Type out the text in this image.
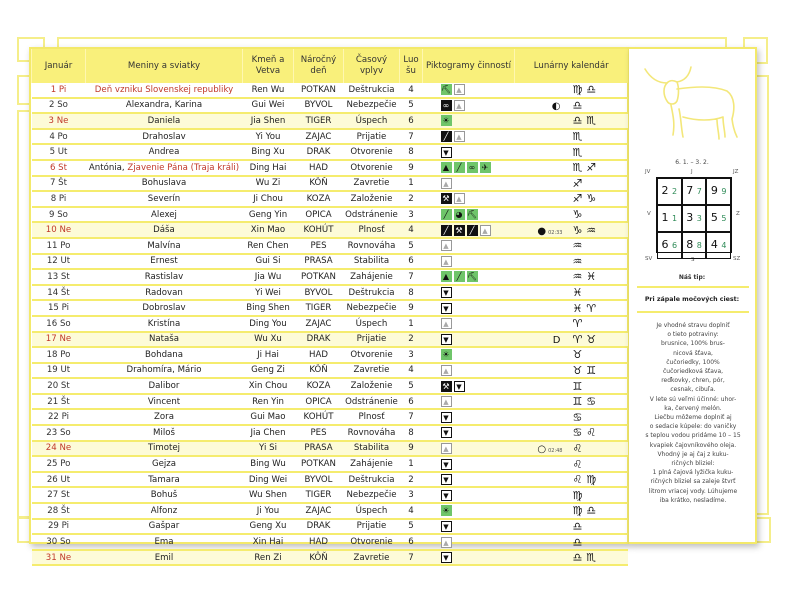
Január	Meniny a sviatky	Kmeň a Vetva	Náročný deň	Časový vplyv	Luo šu	Piktogramy činností	Lunárny kalendár
1 Pi	Deň vzniku Slovenskej republiky	Ren Wu	POTKAN	Deštrukcia	4	⛏ ▲	♍ ♎
2 So	Alexandra, Karina	Gui Wei	BYVOL	Nebezpečie	5	∞ ▲	◐ ♎
3 Ne	Daniela	Jia Shen	TIGER	Úspech	6	☀	♎ ♏
4 Po	Drahoslav	Yi You	ZAJAC	Prijatie	7	╱ ▲	♏
5 Ut	Andrea	Bing Xu	DRAK	Otvorenie	8	▼	♏
6 St	Antónia, Zjavenie Pána (Traja králi)	Ding Hai	HAD	Otvorenie	9	▲ ╱ ∞ ✈	♏ ♐
7 Št	Bohuslava	Wu Zi	KÔŇ	Zavretie	1	▲	♐
8 Pi	Severín	Ji Chou	KOZA	Založenie	2	⚒ ▲	♐ ♑
9 So	Alexej	Geng Yin	OPICA	Odstránenie	3	╱ ◕ ⛏	♑
10 Ne	Dáša	Xin Mao	KOHÚT	Plnosť	4	╱ ⚒ ╱ ▲	● 02:33 ♑ ♒
11 Po	Malvína	Ren Chen	PES	Rovnováha	5	▲	♒
12 Ut	Ernest	Gui Si	PRASA	Stabilita	6	▲	♒
13 St	Rastislav	Jia Wu	POTKAN	Zahájenie	7	▲ ╱ ⛏	♒ ♓
14 Št	Radovan	Yi Wei	BYVOL	Deštrukcia	8	▼	♓
15 Pi	Dobroslav	Bing Shen	TIGER	Nebezpečie	9	▼	♓ ♈
16 So	Kristína	Ding You	ZAJAC	Úspech	1	▲	♈
17 Ne	Nataša	Wu Xu	DRAK	Prijatie	2	▼	D ♈ ♉
18 Po	Bohdana	Ji Hai	HAD	Otvorenie	3	☀	♉
19 Ut	Drahomíra, Mário	Geng Zi	KÔŇ	Zavretie	4	▲	♉ ♊
20 St	Dalibor	Xin Chou	KOZA	Založenie	5	⚒ ▼	♊
21 Št	Vincent	Ren Yin	OPICA	Odstránenie	6	▲	♊ ♋
22 Pi	Zora	Gui Mao	KOHÚT	Plnosť	7	▼	♋
23 So	Miloš	Jia Chen	PES	Rovnováha	8	▼	♋ ♌
24 Ne	Timotej	Yi Si	PRASA	Stabilita	9	▲	○ 02:48 ♌
25 Po	Gejza	Bing Wu	POTKAN	Zahájenie	1	▼	♌
26 Ut	Tamara	Ding Wei	BYVOL	Deštrukcia	2	▼	♌ ♍
27 St	Bohuš	Wu Shen	TIGER	Nebezpečie	3	▼	♍
28 Št	Alfonz	Ji You	ZAJAC	Úspech	4	☀	♍ ♎
29 Pi	Gašpar	Geng Xu	DRAK	Prijatie	5	▼	♎
30 So	Ema	Xin Hai	HAD	Otvorenie	6	▲	♎
31 Ne	Emil	Ren Zi	KÔŇ	Zavretie	7	▼	♎ ♏
6. 1. – 3. 2.
JV	J	JZ
V	Z
SV	S	SZ
2 2 7 7 9 9
1 1 3 3 5 5
6 6 8 8 4 4
Náš tip:
Pri zápale močových ciest:
Je vhodné stravu doplniť
o tieto potraviny:
brusnice, 100% brus-
nicová šťava,
čučoriedky, 100%
čučoriedková šťava,
reďkovky, chren, pór,
cesnak, cibuľa.
V lete sú veľmi účinné: uhor-
ka, červený melón.
Liečbu môžeme doplniť aj
o sedacie kúpele: do vaničky
s teplou vodou pridáme 10 – 15
kvapiek čajovníkového oleja.
Vhodný je aj čaj z kuku-
ričných bliziel:
1 plná čajová lyžička kuku-
ričných bliziel sa zaleje štvrť
litrom vriacej vody. Lúhujeme
iba krátko, nesladíme.
